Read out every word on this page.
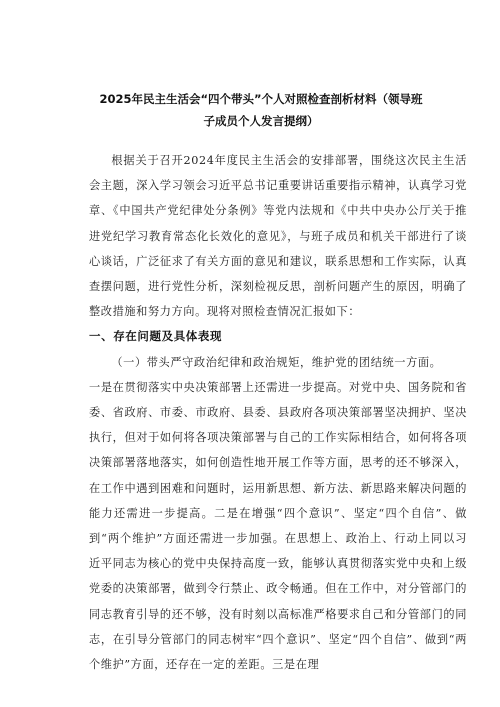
2025年民主生活会“四个带头”个人对照检查剖析材料（领导班子成员个人发言提纲）

根据关于召开2024年度民主生活会的安排部署，围绕这次民主生活会主题，深入学习领会习近平总书记重要讲话重要指示精神，认真学习党章、《中国共产党纪律处分条例》等党内法规和《中共中央办公厅关于推进党纪学习教育常态化长效化的意见》，与班子成员和机关干部进行了谈心谈话，广泛征求了有关方面的意见和建议，联系思想和工作实际，认真查摆问题，进行党性分析，深刻检视反思，剖析问题产生的原因，明确了整改措施和努力方向。现将对照检查情况汇报如下：

一、存在问题及具体表现

（一）带头严守政治纪律和政治规矩，维护党的团结统一方面。

一是在贯彻落实中央决策部署上还需进一步提高。对党中央、国务院和省委、省政府、市委、市政府、县委、县政府各项决策部署坚决拥护、坚决执行，但对于如何将各项决策部署与自己的工作实际相结合，如何将各项决策部署落地落实，如何创造性地开展工作等方面，思考的还不够深入，在工作中遇到困难和问题时，运用新思想、新方法、新思路来解决问题的能力还需进一步提高。二是在增强“四个意识”、坚定“四个自信”、做到“两个维护”方面还需进一步加强。在思想上、政治上、行动上同以习近平同志为核心的党中央保持高度一致，能够认真贯彻落实党中央和上级党委的决策部署，做到令行禁止、政令畅通。但在工作中，对分管部门的同志教育引导的还不够，没有时刻以高标准严格要求自己和分管部门的同志，在引导分管部门的同志树牢“四个意识”、坚定“四个自信”、做到“两个维护”方面，还存在一定的差距。三是在理
